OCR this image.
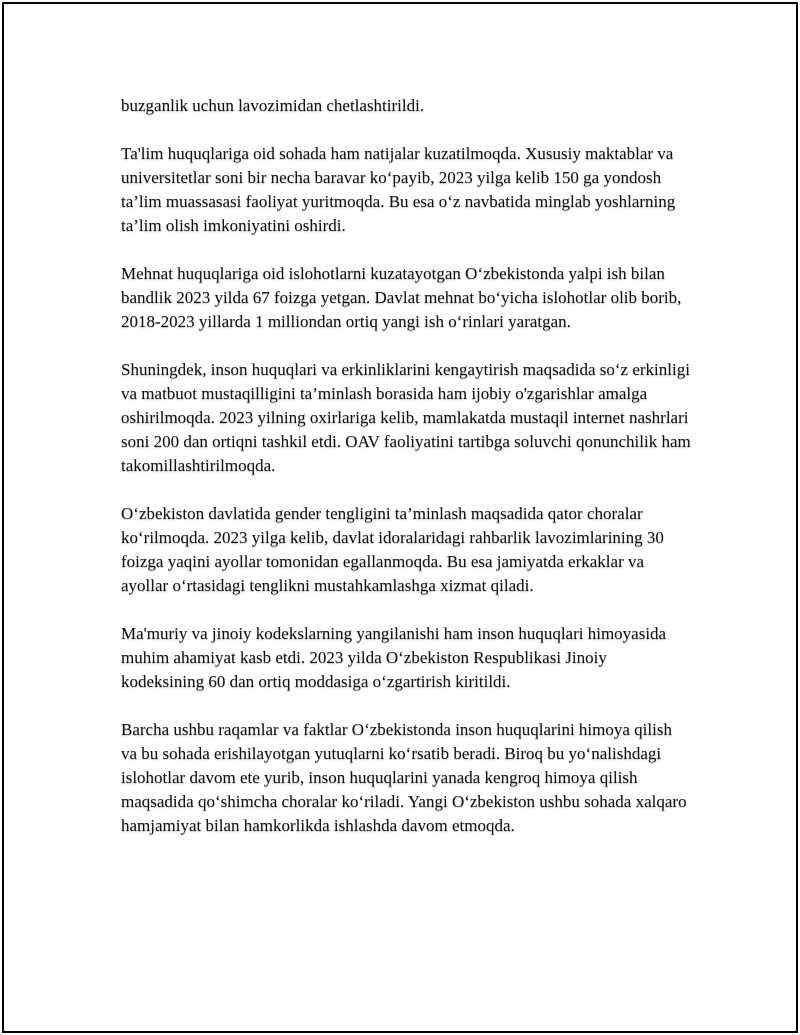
buzganlik uchun lavozimidan chetlashtirildi.

Ta'lim huquqlariga oid sohada ham natijalar kuzatilmoqda. Xususiy maktablar va universitetlar soni bir necha baravar ko‘payib, 2023 yilga kelib 150 ga yondosh ta’lim muassasasi faoliyat yuritmoqda. Bu esa o‘z navbatida minglab yoshlarning ta’lim olish imkoniyatini oshirdi.

Mehnat huquqlariga oid islohotlarni kuzatayotgan O‘zbekistonda yalpi ish bilan bandlik 2023 yilda 67 foizga yetgan. Davlat mehnat bo‘yicha islohotlar olib borib, 2018-2023 yillarda 1 milliondan ortiq yangi ish o‘rinlari yaratgan.

Shuningdek, inson huquqlari va erkinliklarini kengaytirish maqsadida so‘z erkinligi va matbuot mustaqilligini ta’minlash borasida ham ijobiy o'zgarishlar amalga oshirilmoqda. 2023 yilning oxirlariga kelib, mamlakatda mustaqil internet nashrlari soni 200 dan ortiqni tashkil etdi. OAV faoliyatini tartibga soluvchi qonunchilik ham takomillashtirilmoqda.

O‘zbekiston davlatida gender tengligini ta’minlash maqsadida qator choralar ko‘rilmoqda. 2023 yilga kelib, davlat idoralaridagi rahbarlik lavozimlarining 30 foizga yaqini ayollar tomonidan egallanmoqda. Bu esa jamiyatda erkaklar va ayollar o‘rtasidagi tenglikni mustahkamlashga xizmat qiladi.

Ma'muriy va jinoiy kodekslarning yangilanishi ham inson huquqlari himoyasida muhim ahamiyat kasb etdi. 2023 yilda O‘zbekiston Respublikasi Jinoiy kodeksining 60 dan ortiq moddasiga o‘zgartirish kiritildi.

Barcha ushbu raqamlar va faktlar O‘zbekistonda inson huquqlarini himoya qilish va bu sohada erishilayotgan yutuqlarni ko‘rsatib beradi. Biroq bu yo‘nalishdagi islohotlar davom ete yurib, inson huquqlarini yanada kengroq himoya qilish maqsadida qo‘shimcha choralar ko‘riladi. Yangi O‘zbekiston ushbu sohada xalqaro hamjamiyat bilan hamkorlikda ishlashda davom etmoqda.
